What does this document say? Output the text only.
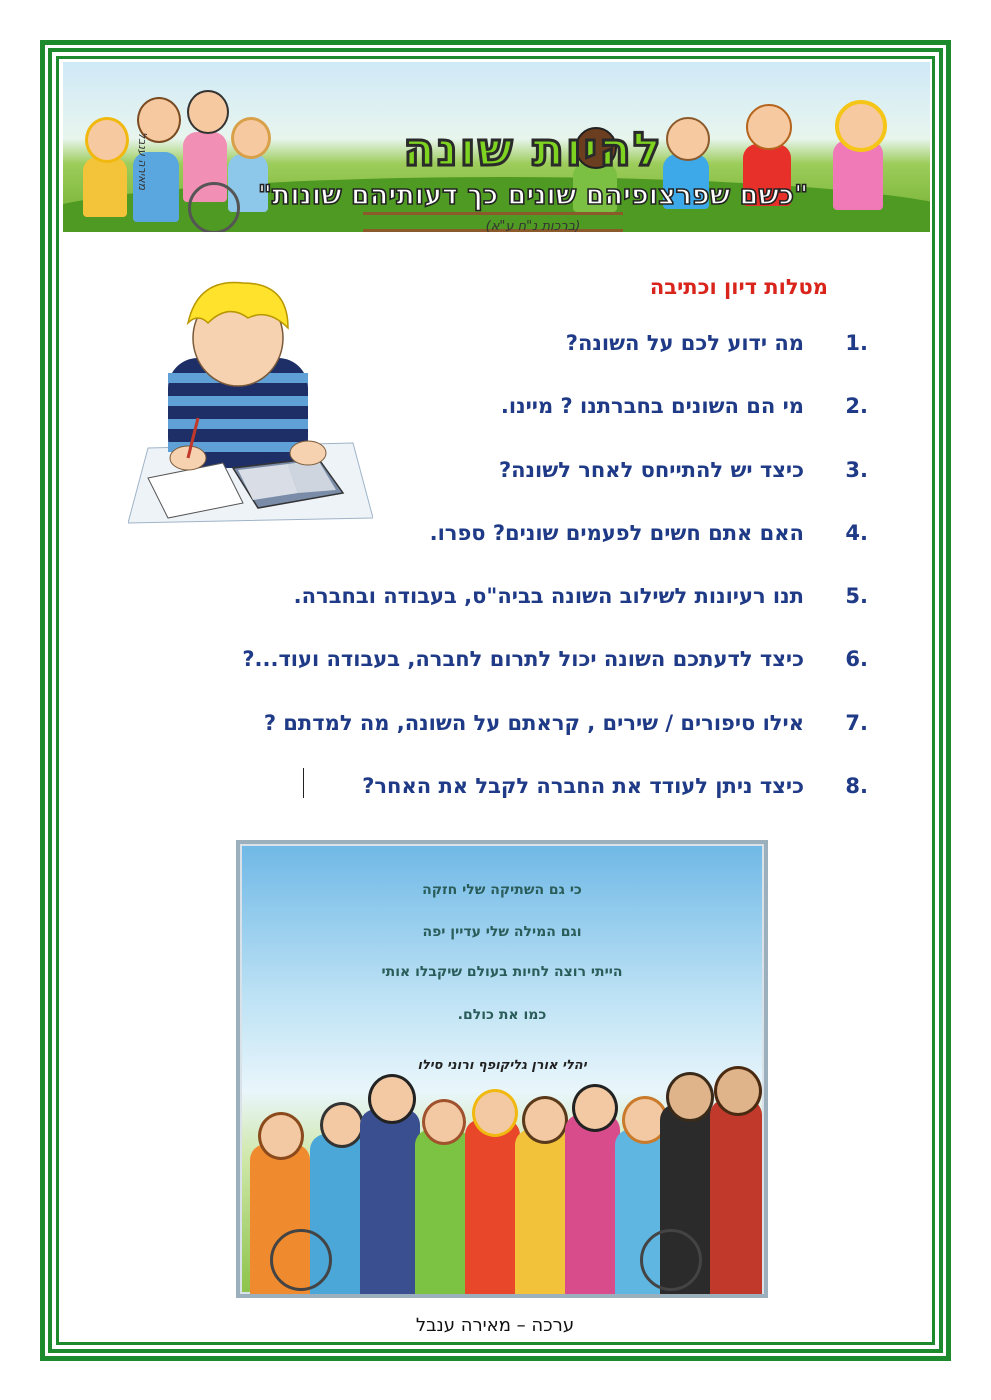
להיות שונה
"כשם שפרצופיהם שונים כך דעותיהם שונות"
(ברכות נ"ח ע"א)
מאירה ענבל
מטלות דיון וכתיבה
1.
מה ידוע לכם על השונה?
2.
מי הם השונים בחברתנו ? מיינו.
3.
כיצד יש להתייחס לאחר לשונה?
4.
האם אתם חשים לפעמים שונים? ספרו.
5.
תנו רעיונות לשילוב השונה בביה"ס, בעבודה ובחברה.
6.
כיצד לדעתכם השונה יכול לתרום לחברה, בעבודה ועוד...?
7.
אילו סיפורים / שירים , קראתם על השונה, מה למדתם ?
8.
כיצד ניתן לעודד את החברה לקבל את האחר?
כי גם השתיקה שלי חזקה
וגם המילה שלי עדיין יפה
הייתי רוצה לחיות בעולם שיקבלו אותי
כמו את כולם.
יהלי אורן גליקופף ורוני סילו
ערכה – מאירה ענבל
